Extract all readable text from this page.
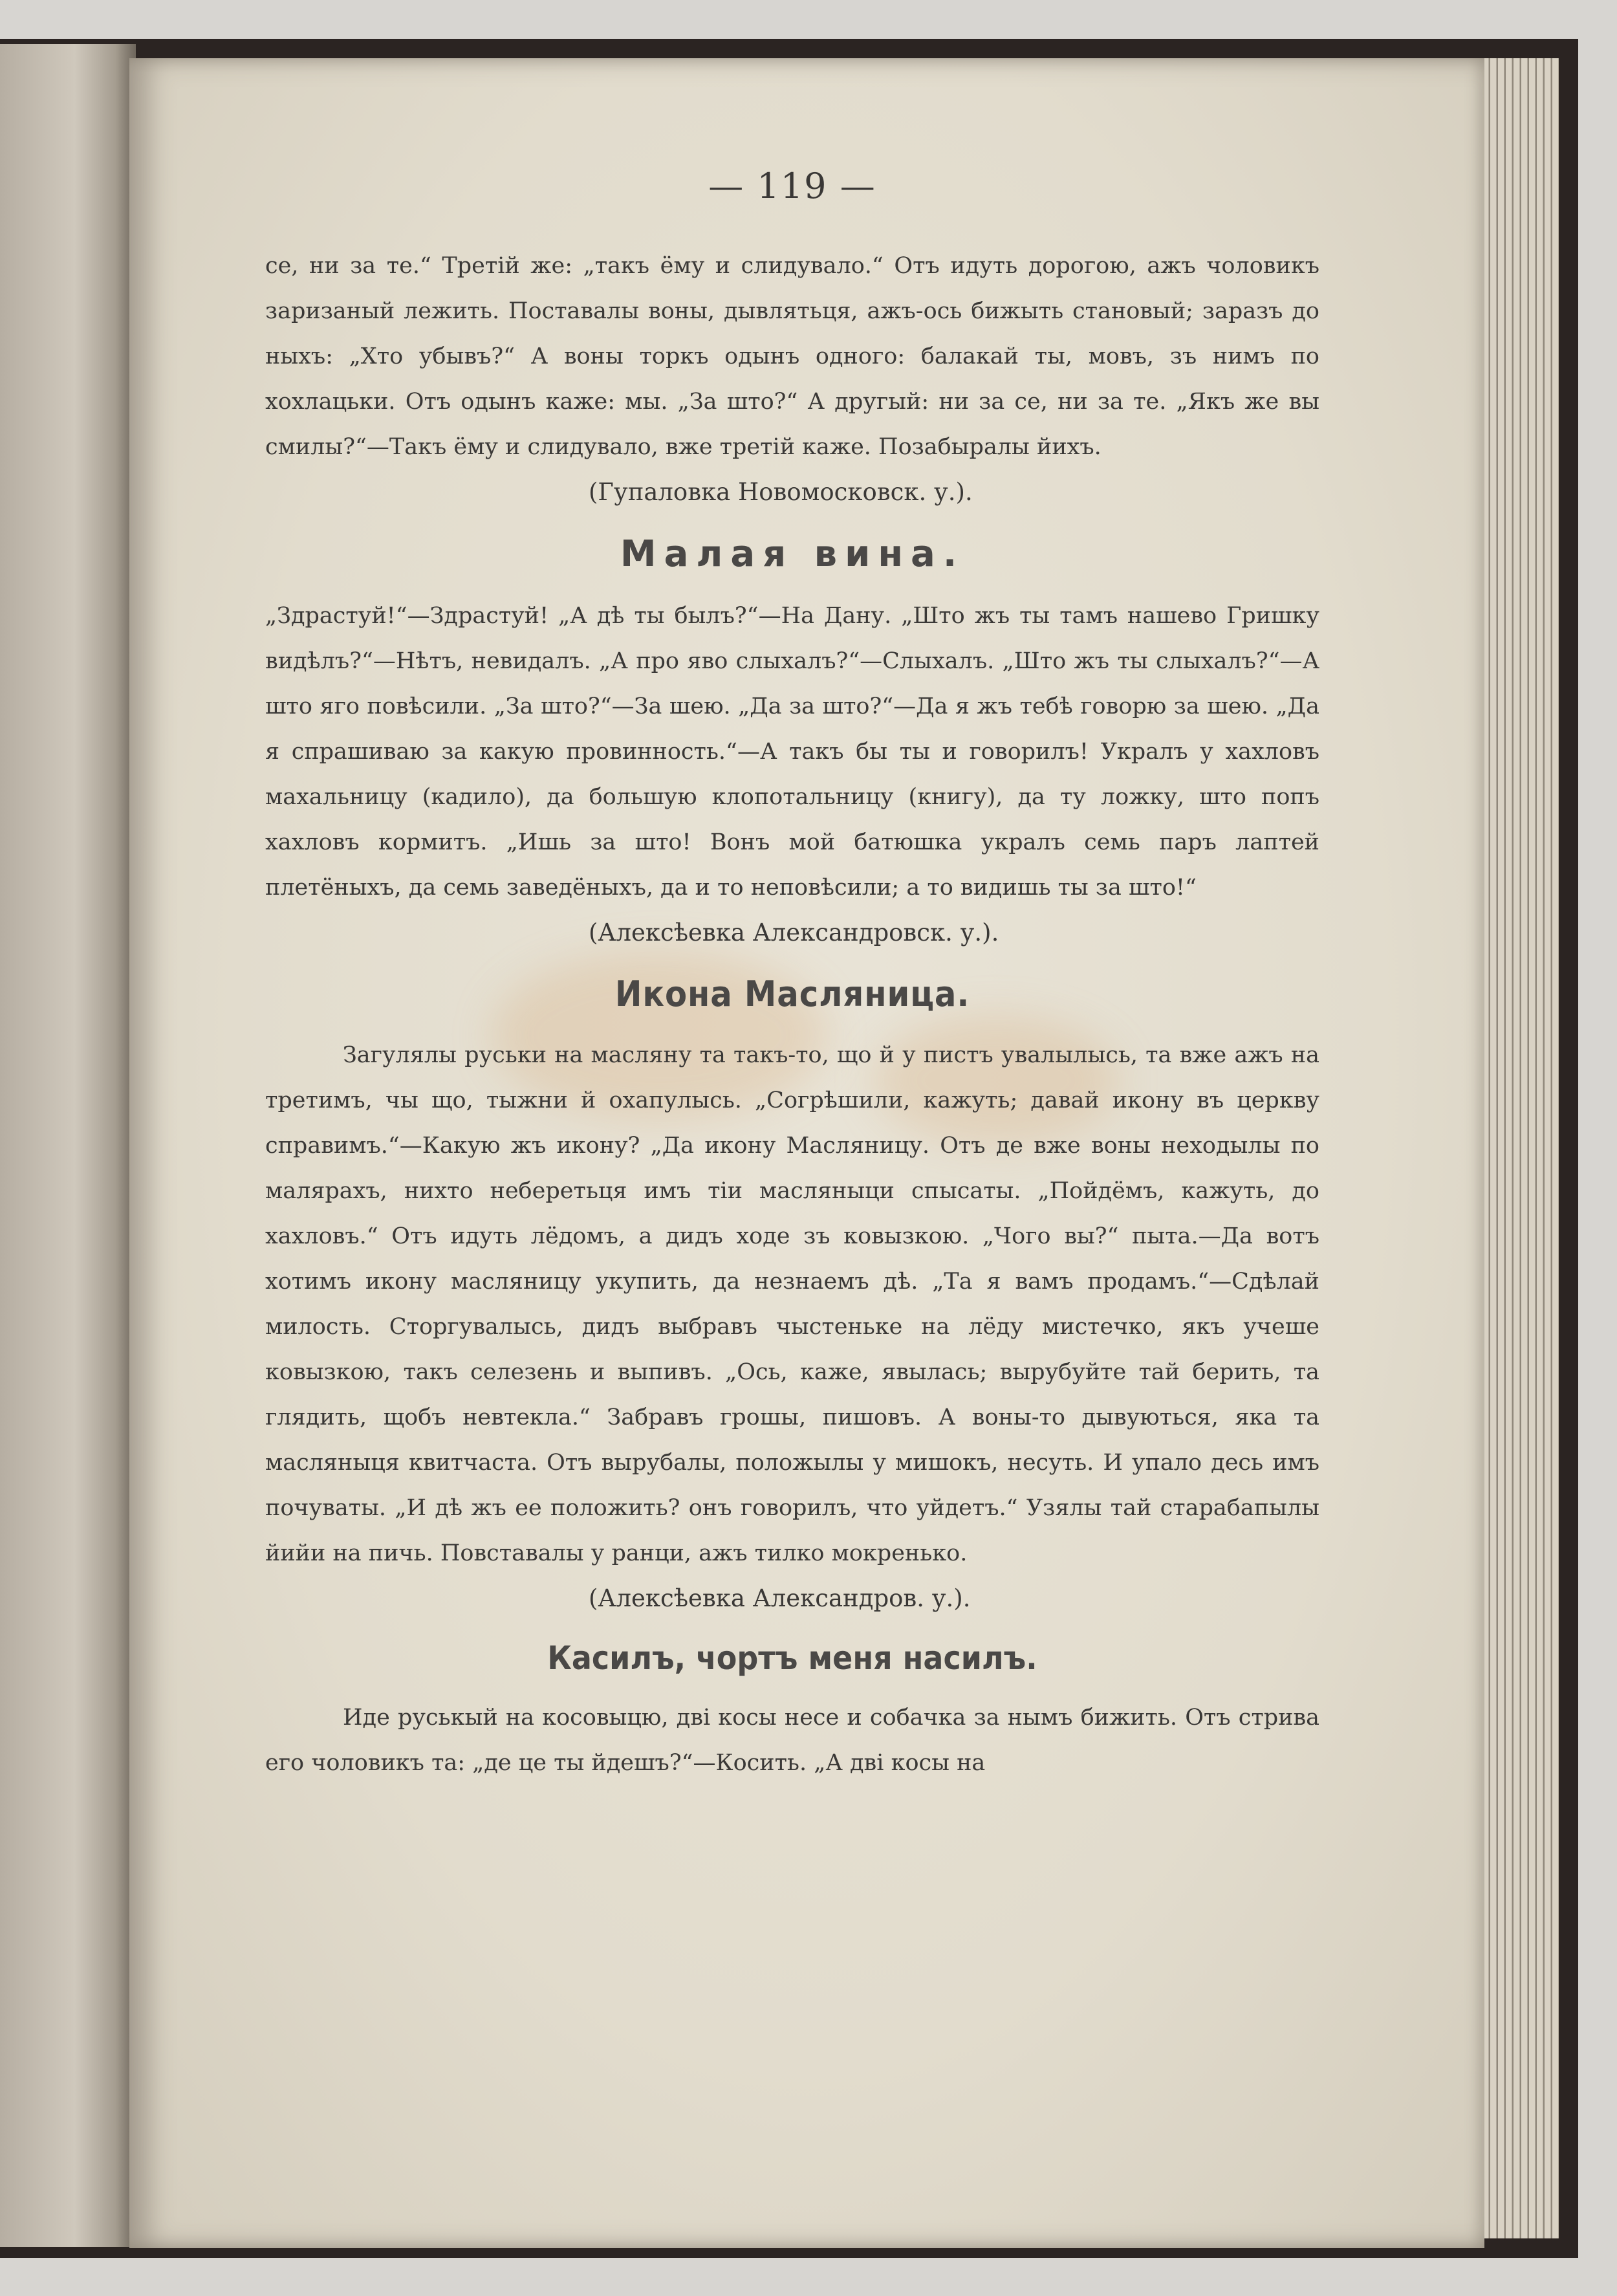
— 119 —

се, ни за те.“ Третій же: „такъ ёму и слидувало.“ Отъ идуть дорогою, ажъ чоловикъ заризаный лежить. Поставалы воны, дывлятьця, ажъ-ось бижыть становый; заразъ до ныхъ: „Хто убывъ?“ А воны торкъ одынъ одного: балакай ты, мовъ, зъ нимъ по хохлацьки. Отъ одынъ каже: мы. „За што?“ А другый: ни за се, ни за те. „Якъ же вы смилы?“—Такъ ёму и слидувало, вже третій каже. Позабыралы йихъ.

(Гупаловка Новомосковск. у.).

Малая вина.

„Здрастуй!“—Здрастуй! „А дѣ ты былъ?“—На Дану. „Што жъ ты тамъ нашево Гришку видѣлъ?“—Нѣтъ, невидалъ. „А про яво слыхалъ?“—Слыхалъ. „Што жъ ты слыхалъ?“—А што яго повѣсили. „За што?“—За шею. „Да за што?“—Да я жъ тебѣ говорю за шею. „Да я спрашиваю за какую провинность.“—А такъ бы ты и говорилъ! Укралъ у хахловъ махальницу (кадило), да большую клопотальницу (книгу), да ту ложку, што попъ хахловъ кормитъ. „Ишь за што! Вонъ мой батюшка укралъ семь паръ лаптей плетёныхъ, да семь заведёныхъ, да и то неповѣсили; а то видишь ты за што!“

(Алексѣевка Александровск. у.).

Икона Масляница.

Загулялы руськи на масляну та такъ-то, що й у пистъ увалылысь, та вже ажъ на третимъ, чы що, тыжни й охапулысь. „Согрѣшили, кажуть; давай икону въ церкву справимъ.“—Какую жъ икону? „Да икону Масляницу. Отъ де вже воны неходылы по малярахъ, нихто неберетьця имъ тiи масляныци спысаты. „Пойдёмъ, кажуть, до хахловъ.“ Отъ идуть лёдомъ, а дидъ ходе зъ ковызкою. „Чого вы?“ пыта.—Да вотъ хотимъ икону масляницу укупить, да незнаемъ дѣ. „Та я вамъ продамъ.“—Сдѣлай милость. Сторгувалысь, дидъ выбравъ чыстеньке на лёду мистечко, якъ учеше ковызкою, такъ селезень и выпивъ. „Ось, каже, явылась; вырубуйте тай берить, та глядить, щобъ невтекла.“ Забравъ грошы, пишовъ. А воны-то дывуються, яка та масляныця квитчаста. Отъ вырубалы, положылы у мишокъ, несуть. И упало десь имъ почуваты. „И дѣ жъ ее положить? онъ говорилъ, что уйдетъ.“ Узялы тай старабапылы йийи на пичь. Повставалы у ранци, ажъ тилко мокренько.

(Алексѣевка Александров. у.).

Касилъ, чортъ меня насилъ.

Иде руськый на косовыцю, двi косы несе и собачка за нымъ бижить. Отъ стрива его чоловикъ та: „де це ты йдешъ?“—Косить. „А двi косы на
